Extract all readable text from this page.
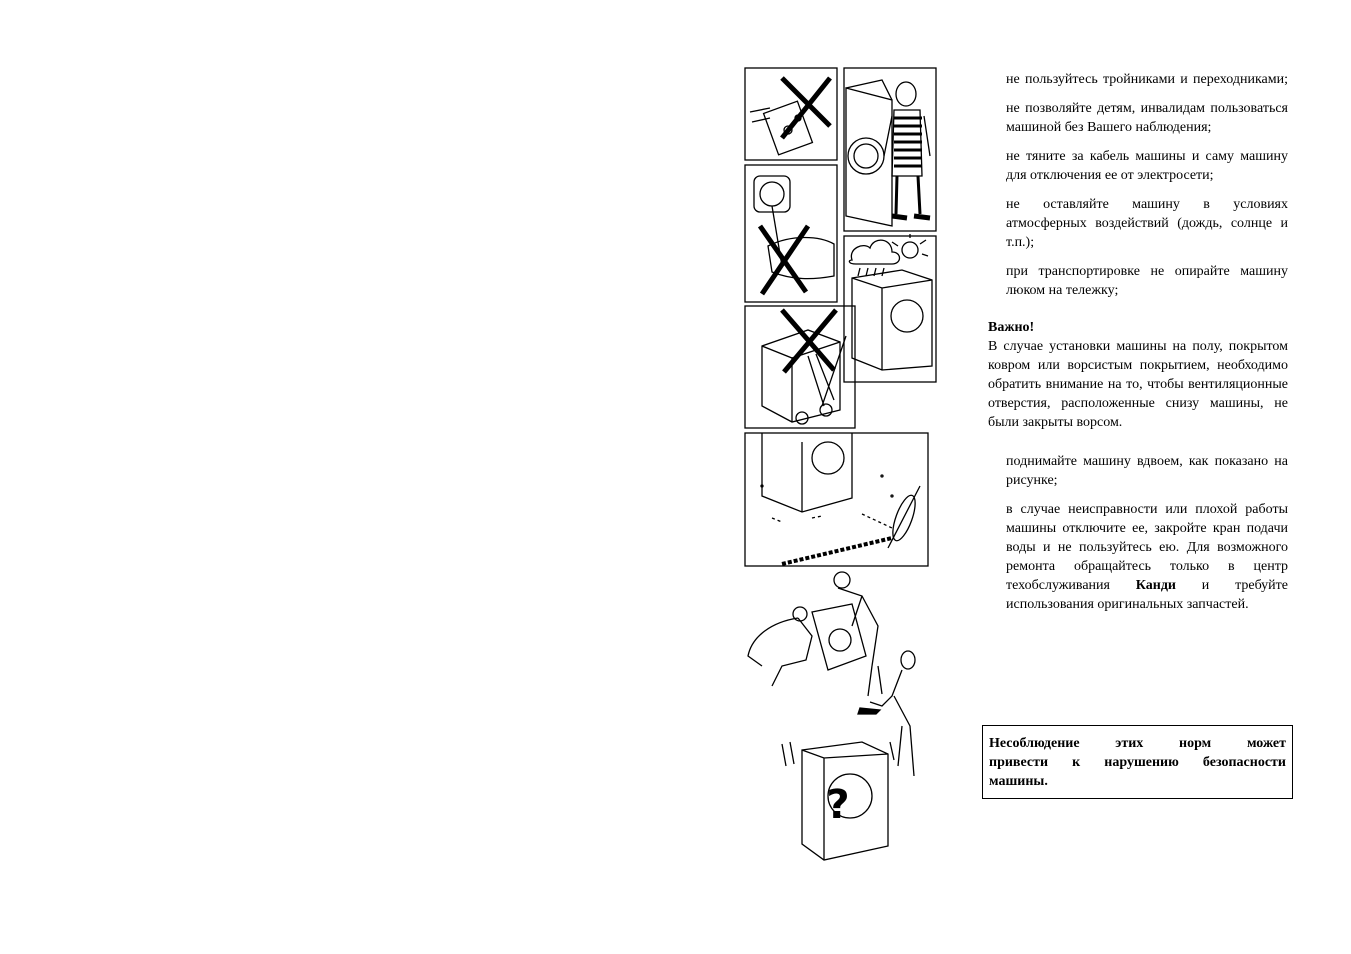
?

не пользуйтесь тройниками и переходниками;

не позволяйте детям, инвалидам пользоваться машиной без Вашего наблюдения;

не тяните за кабель машины и саму машину для отключения ее от электросети;

не оставляйте машину в условиях атмосферных воздействий (дождь, солнце и т.п.);

при транспортировке не опирайте машину люком на тележку;

Важно!
В случае установки машины на полу, покрытом ковром или ворсистым покрытием, необходимо обратить внимание на то, чтобы вентиляционные отверстия, расположенные снизу машины, не были закрыты ворсом.

поднимайте машину вдвоем, как показано на рисунке;

в случае неисправности или плохой работы машины отключите ее, закройте кран подачи воды и не пользуйтесь ею. Для возможного ремонта обращайтесь только в центр техобслуживания Канди и требуйте использования оригинальных запчастей.

Несоблюдение этих норм может
привести к нарушению безопасности
машины.
